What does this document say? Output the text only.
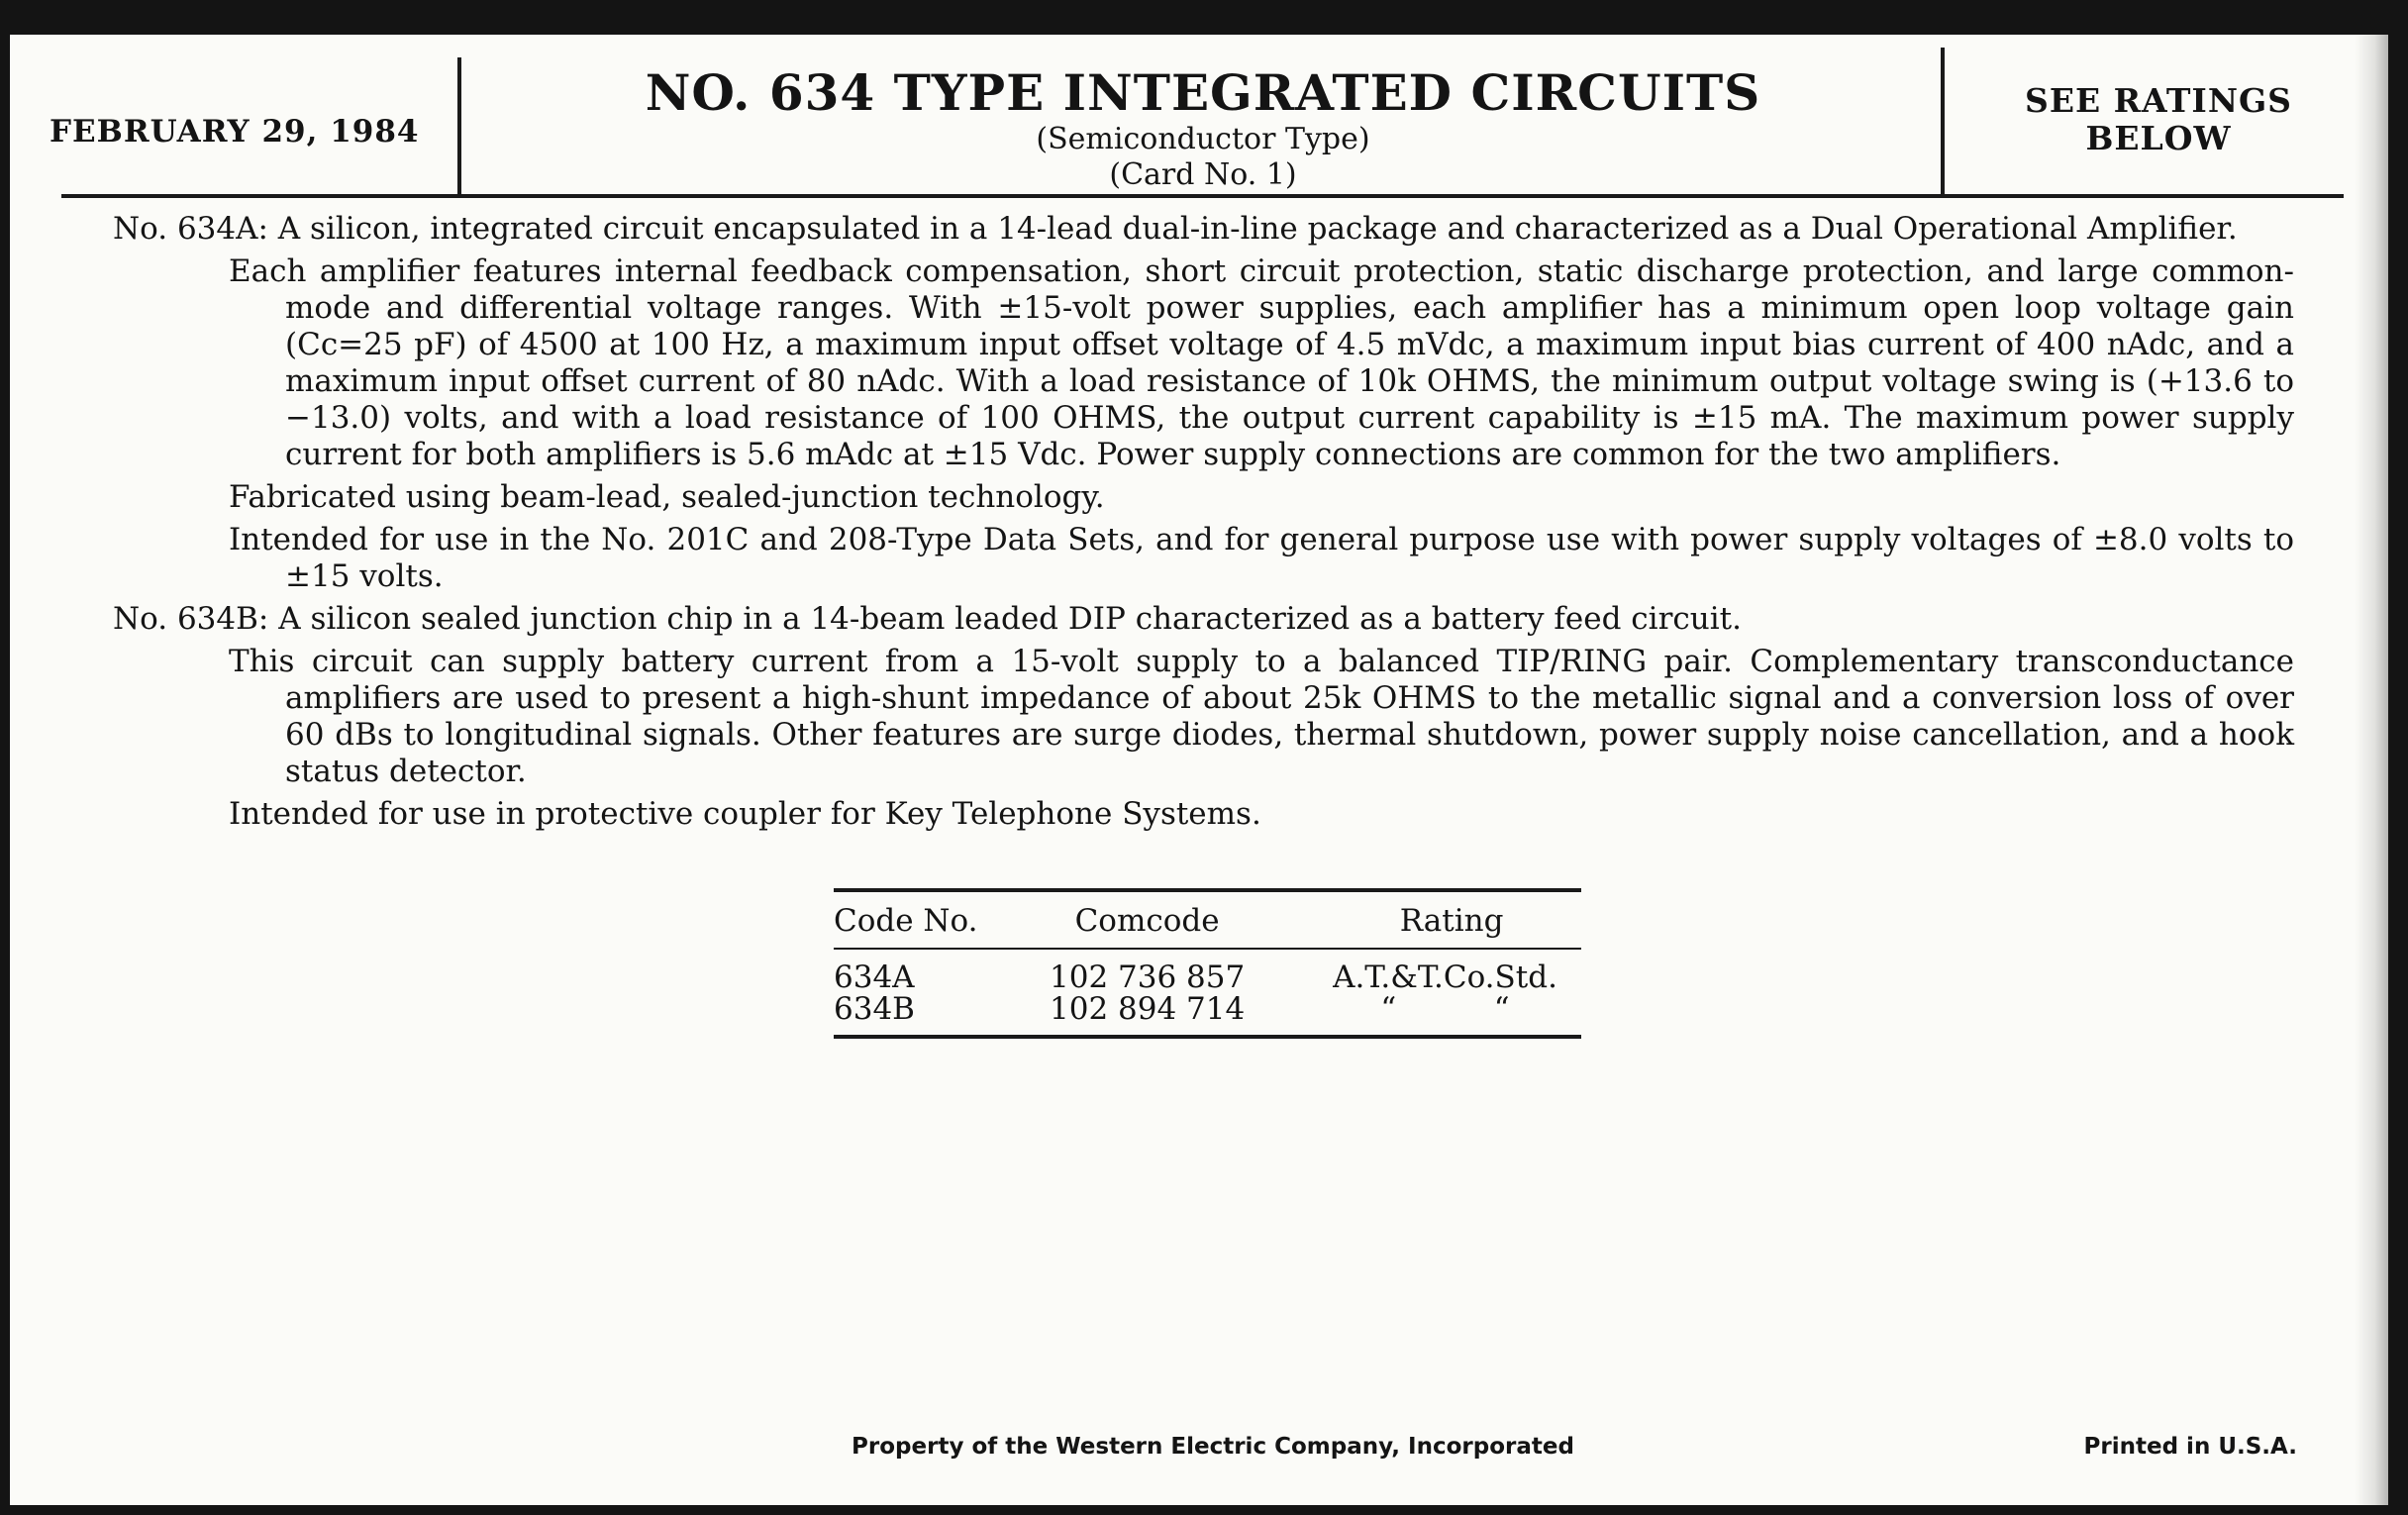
FEBRUARY 29, 1984
NO. 634 TYPE INTEGRATED CIRCUITS
(Semiconductor Type)
(Card No. 1)
SEE RATINGS
BELOW

No. 634A: A silicon, integrated circuit encapsulated in a 14-lead dual-in-line package and characterized as a Dual Operational Amplifier.

Each amplifier features internal feedback compensation, short circuit protection, static discharge protection, and large common-mode and differential voltage ranges. With ±15-volt power supplies, each amplifier has a minimum open loop voltage gain (Cc=25 pF) of 4500 at 100 Hz, a maximum input offset voltage of 4.5 mVdc, a maximum input bias current of 400 nAdc, and a maximum input offset current of 80 nAdc. With a load resistance of 10k OHMS, the minimum output voltage swing is (+13.6 to −13.0) volts, and with a load resistance of 100 OHMS, the output current capability is ±15 mA. The maximum power supply current for both amplifiers is 5.6 mAdc at ±15 Vdc. Power supply connections are common for the two amplifiers.

Fabricated using beam-lead, sealed-junction technology.

Intended for use in the No. 201C and 208-Type Data Sets, and for general purpose use with power supply voltages of ±8.0 volts to ±15 volts.

No. 634B: A silicon sealed junction chip in a 14-beam leaded DIP characterized as a battery feed circuit.

This circuit can supply battery current from a 15-volt supply to a balanced TIP/RING pair. Complementary transconductance amplifiers are used to present a high-shunt impedance of about 25k OHMS to the metallic signal and a conversion loss of over 60 dBs to longitudinal signals. Other features are surge diodes, thermal shutdown, power supply noise cancellation, and a hook status detector.

Intended for use in protective coupler for Key Telephone Systems.

Code No.	Comcode	Rating
634A	102 736 857	A.T.&T.Co.Std.
634B	102 894 714	“          “
Property of the Western Electric Company, Incorporated	Printed in U.S.A.
